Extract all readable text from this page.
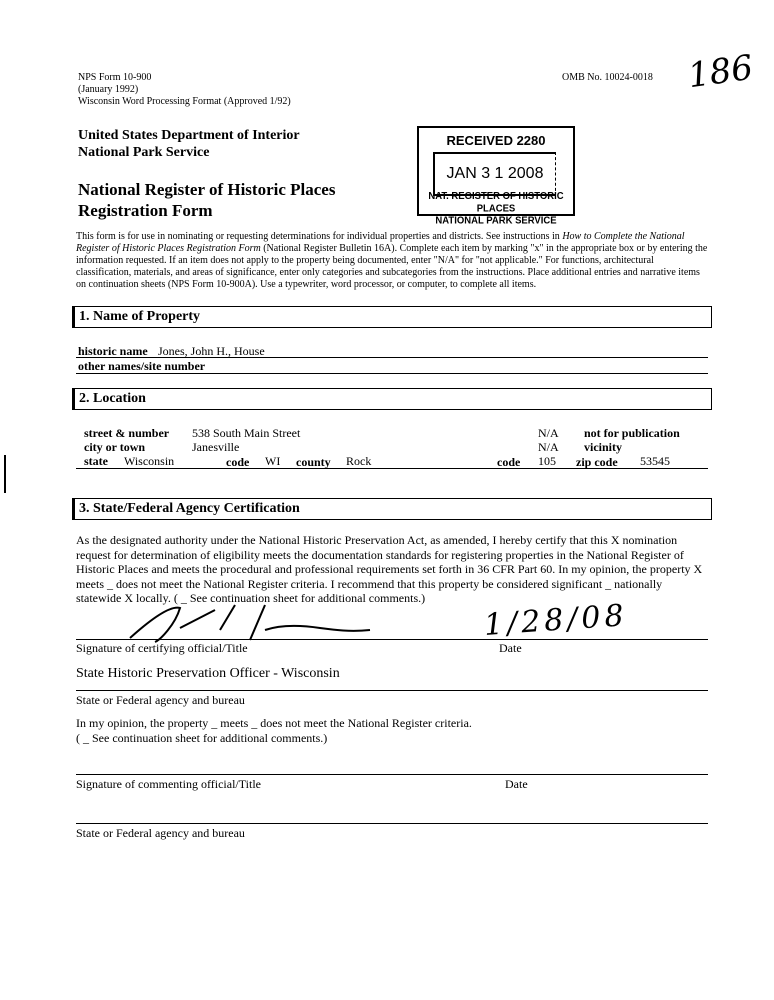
NPS Form 10-900
(January 1992)
Wisconsin Word Processing Format (Approved 1/92)
OMB No. 10024-0018 186
United States Department of Interior
National Park Service
National Register of Historic Places
Registration Form
RECEIVED 2280
JAN 3 1 2008
NAT. REGISTER OF HISTORIC PLACES
NATIONAL PARK SERVICE
This form is for use in nominating or requesting determinations for individual properties and districts. See instructions in How to Complete the National Register of Historic Places Registration Form (National Register Bulletin 16A). Complete each item by marking "x" in the appropriate box or by entering the information requested. If an item does not apply to the property being documented, enter "N/A" for "not applicable." For functions, architectural classification, materials, and areas of significance, enter only categories and subcategories from the instructions. Place additional entries and narrative items on continuation sheets (NPS Form 10-900A). Use a typewriter, word processor, or computer, to complete all items.
1. Name of Property
historic name Jones, John H., House
other names/site number
2. Location
street & number 538 South Main Street	N/A not for publication
city or town	Janesville	N/A vicinity
state Wisconsin	code WI county Rock	code 105 zip code 53545
3. State/Federal Agency Certification
As the designated authority under the National Historic Preservation Act, as amended, I hereby certify that this X nomination request for determination of eligibility meets the documentation standards for registering properties in the National Register of Historic Places and meets the procedural and professional requirements set forth in 36 CFR Part 60. In my opinion, the property X meets _ does not meet the National Register criteria. I recommend that this property be considered significant _ nationally statewide X locally. ( _ See continuation sheet for additional comments.)
1/28/08
Signature of certifying official/Title	Date
State Historic Preservation Officer - Wisconsin
State or Federal agency and bureau
In my opinion, the property _ meets _ does not meet the National Register criteria.
( _ See continuation sheet for additional comments.)
Signature of commenting official/Title	Date
State or Federal agency and bureau
